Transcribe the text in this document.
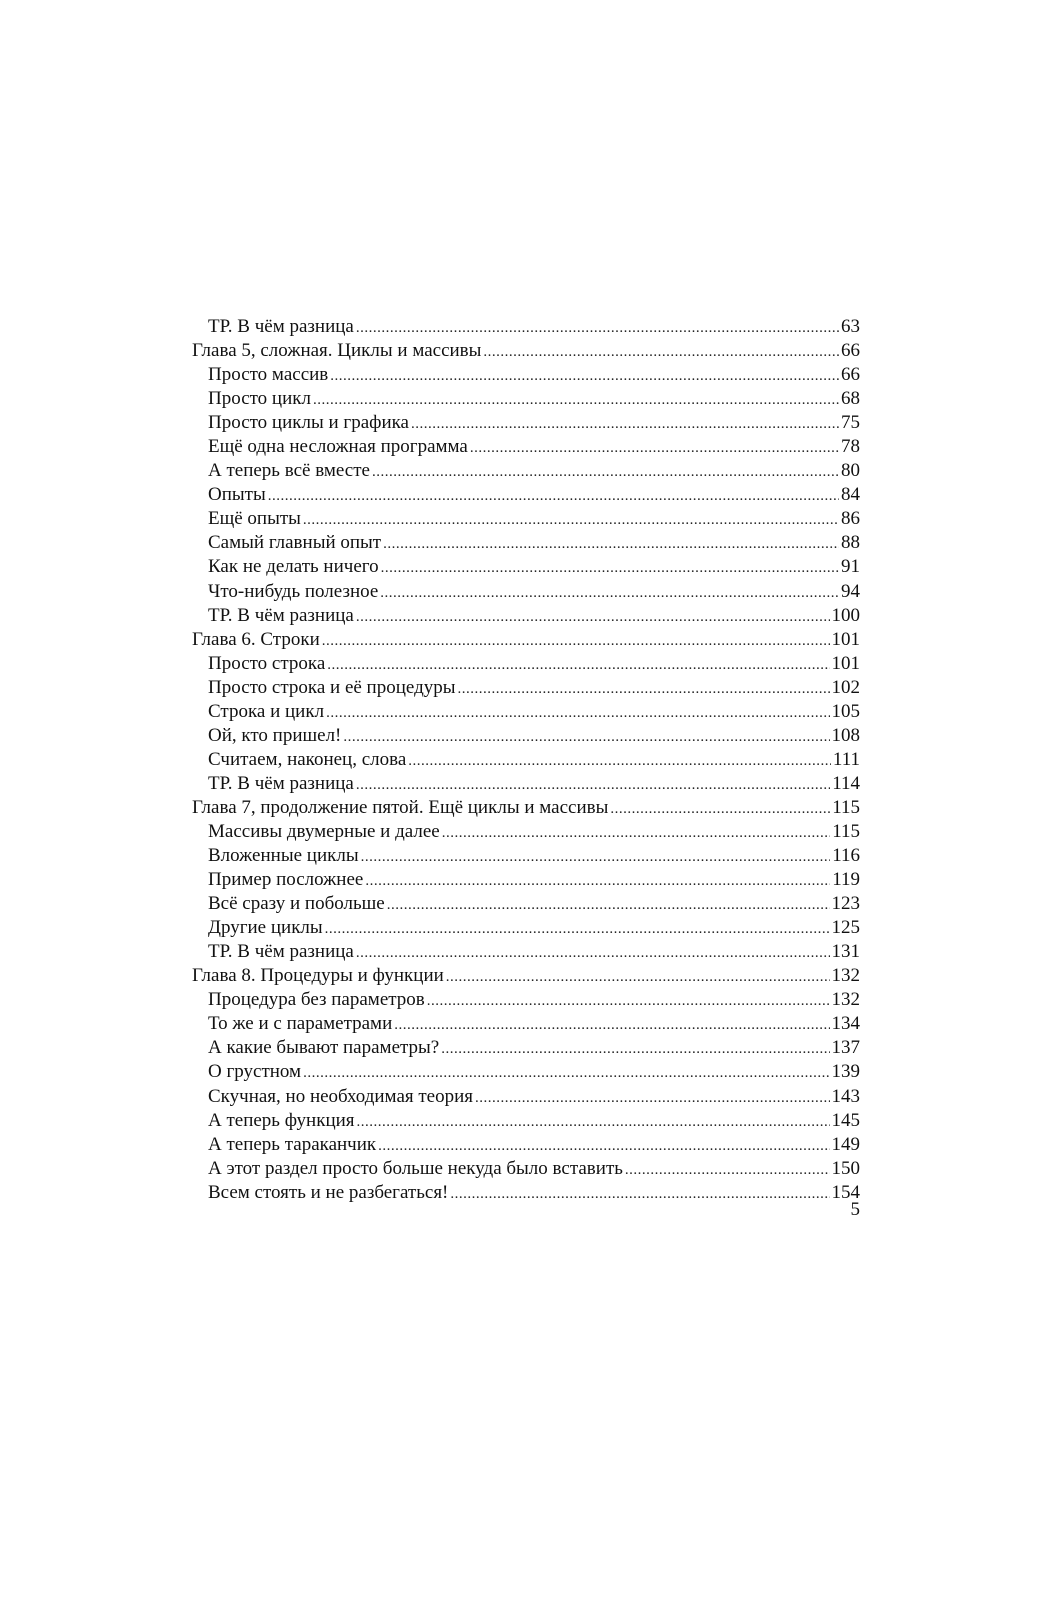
ТР. В чём разница .....	63
Глава 5, сложная. Циклы и массивы .....	66
Просто массив .....	66
Просто цикл .....	68
Просто циклы и графика .....	75
Ещё одна несложная программа .....	78
А теперь всё вместе .....	80
Опыты .....	84
Ещё опыты .....	86
Самый главный опыт .....	88
Как не делать ничего .....	91
Что-нибудь полезное .....	94
ТР. В чём разница .....	100
Глава 6. Строки .....	101
Просто строка .....	101
Просто строка и её процедуры .....	102
Строка и цикл .....	105
Ой, кто пришел! .....	108
Считаем, наконец, слова .....	111
ТР. В чём разница .....	114
Глава 7, продолжение пятой. Ещё циклы и массивы .....	115
Массивы двумерные и далее .....	115
Вложенные циклы .....	116
Пример посложнее .....	119
Всё сразу и побольше .....	123
Другие циклы .....	125
ТР. В чём разница .....	131
Глава 8. Процедуры и функции .....	132
Процедура без параметров .....	132
То же и с параметрами .....	134
А какие бывают параметры? .....	137
О грустном .....	139
Скучная, но необходимая теория .....	143
А теперь функция .....	145
А теперь тараканчик .....	149
А этот раздел просто больше некуда было вставить .....	150
Всем стоять и не разбегаться! .....	154
5
